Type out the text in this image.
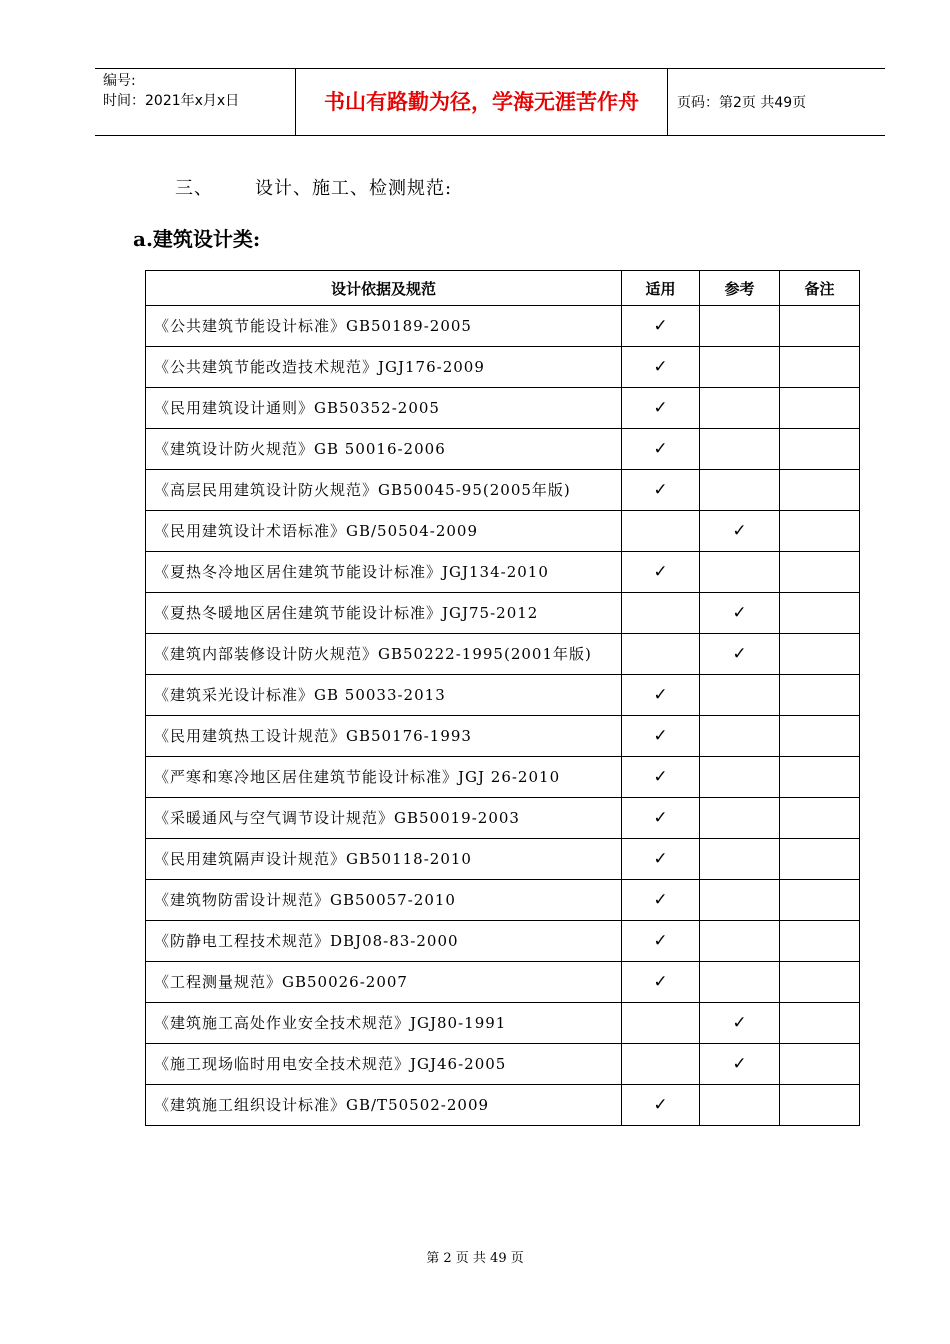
编号:
时间：2021年x月x日	书山有路勤为径，学海无涯苦作舟	页码：第2页 共49页
三、 设计、施工、检测规范:
a.建筑设计类:
设计依据及规范	适用	参考	备注
《公共建筑节能设计标准》GB50189-2005	✓		
《公共建筑节能改造技术规范》JGJ176-2009	✓		
《民用建筑设计通则》GB50352-2005	✓		
《建筑设计防火规范》GB 50016-2006	✓		
《高层民用建筑设计防火规范》GB50045-95(2005年版)	✓		
《民用建筑设计术语标准》GB/50504-2009		✓	
《夏热冬冷地区居住建筑节能设计标准》JGJ134-2010	✓		
《夏热冬暖地区居住建筑节能设计标准》JGJ75-2012		✓	
《建筑内部装修设计防火规范》GB50222-1995(2001年版)		✓	
《建筑采光设计标准》GB 50033-2013	✓		
《民用建筑热工设计规范》GB50176-1993	✓		
《严寒和寒冷地区居住建筑节能设计标准》JGJ 26-2010	✓		
《采暖通风与空气调节设计规范》GB50019-2003	✓		
《民用建筑隔声设计规范》GB50118-2010	✓		
《建筑物防雷设计规范》GB50057-2010	✓		
《防静电工程技术规范》DBJ08-83-2000	✓		
《工程测量规范》GB50026-2007	✓		
《建筑施工高处作业安全技术规范》JGJ80-1991		✓	
《施工现场临时用电安全技术规范》JGJ46-2005		✓	
《建筑施工组织设计标准》GB/T50502-2009	✓		
第 2 页 共 49 页
